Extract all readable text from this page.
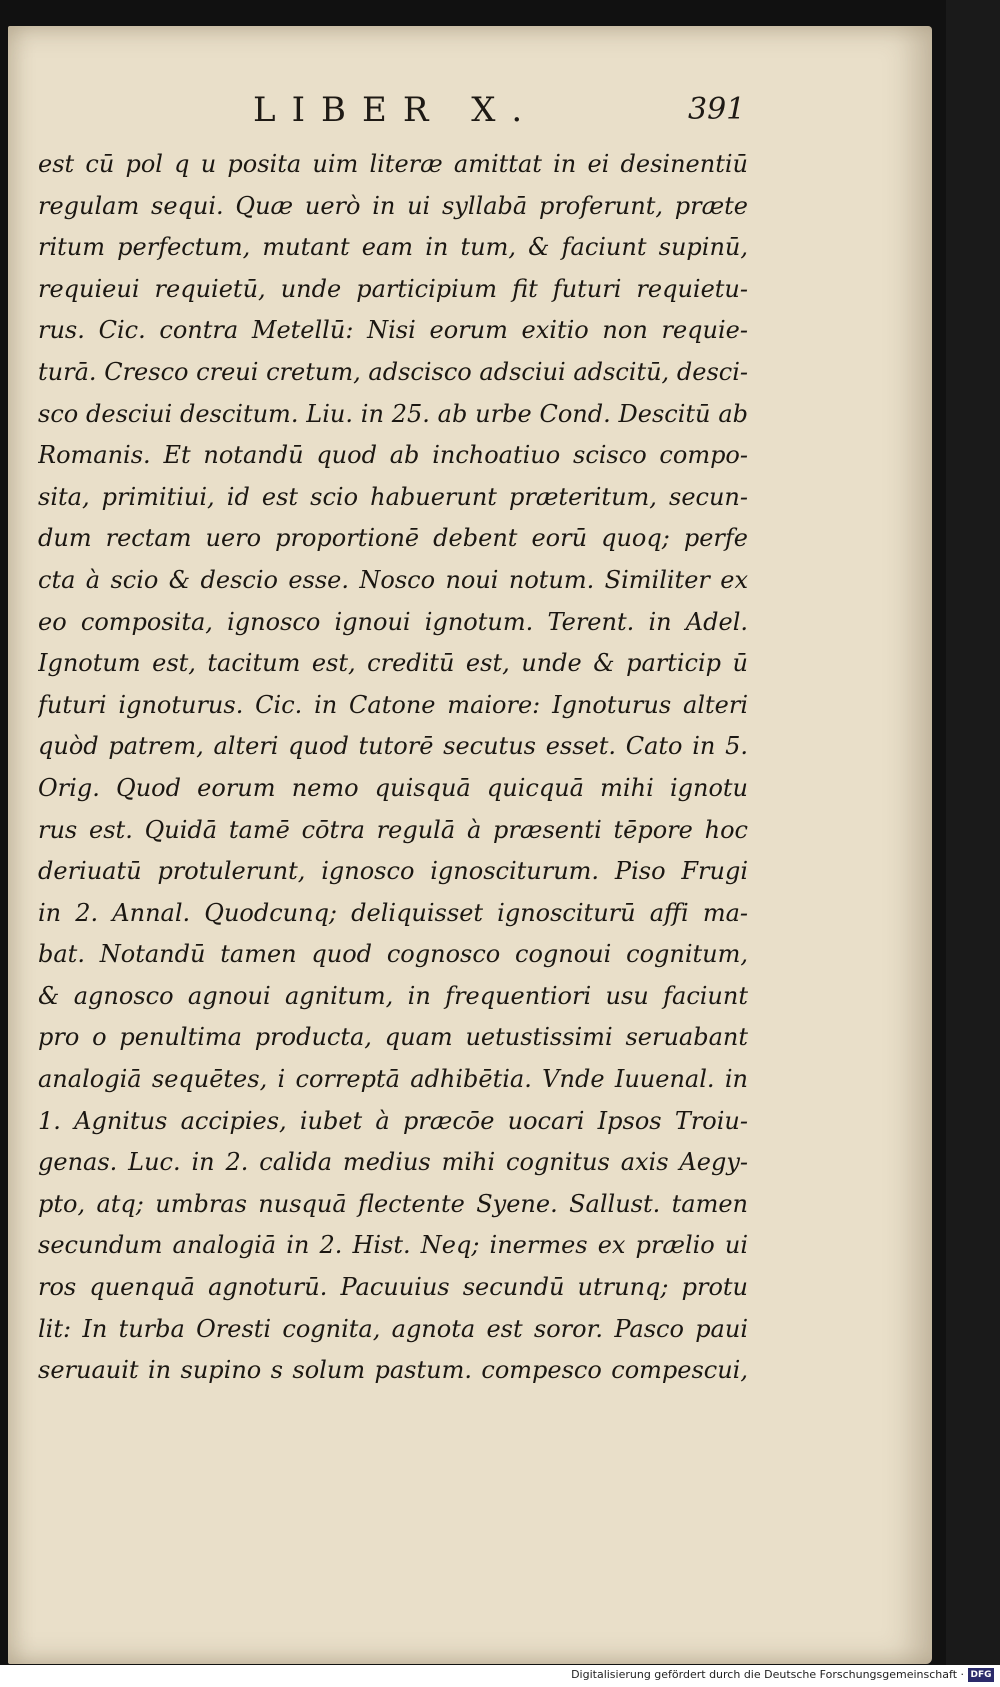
LIBER X.	391
est cū pol q u posita uim literæ amittat in ei desinentiū
regulam sequi. Quæ uerò in ui syllabā proferunt, præte
ritum perfectum, mutant eam in tum, & faciunt supinū,
requieui requietū, unde participium fit futuri requietu-
rus. Cic. contra Metellū: Nisi eorum exitio non requie-
turā. Cresco creui cretum, adscisco adsciui adscitū, desci-
sco desciui descitum. Liu. in 25. ab urbe Cond. Descitū ab
Romanis. Et notandū quod ab inchoatiuo scisco compo-
sita, primitiui, id est scio habuerunt præteritum, secun-
dum rectam uero proportionē debent eorū quoq; perfe
cta à scio & descio esse. Nosco noui notum. Similiter ex
eo composita, ignosco ignoui ignotum. Terent. in Adel.
Ignotum est, tacitum est, creditū est, unde & particip ū
futuri ignoturus. Cic. in Catone maiore: Ignoturus alteri
quòd patrem, alteri quod tutorē secutus esset. Cato in 5.
Orig. Quod eorum nemo quisquā quicquā mihi ignotu
rus est. Quidā tamē cōtra regulā à præsenti tēpore hoc
deriuatū protulerunt, ignosco ignosciturum. Piso Frugi
in 2. Annal. Quodcunq; deliquisset ignosciturū affi ma-
bat. Notandū tamen quod cognosco cognoui cognitum,
& agnosco agnoui agnitum, in frequentiori usu faciunt
pro o penultima producta, quam uetustissimi seruabant
analogiā sequētes, i correptā adhibētia. Vnde Iuuenal. in
1. Agnitus accipies, iubet à præcōe uocari Ipsos Troiu-
genas. Luc. in 2. calida medius mihi cognitus axis Aegy-
pto, atq; umbras nusquā flectente Syene. Sallust. tamen
secundum analogiā in 2. Hist. Neq; inermes ex prælio ui
ros quenquā agnoturū. Pacuuius secundū utrunq; protu
lit: In turba Oresti cognita, agnota est soror. Pasco paui
seruauit in supino s solum pastum. compesco compescui,
Digitalisierung gefördert durch die Deutsche Forschungsgemeinschaft · DFG
